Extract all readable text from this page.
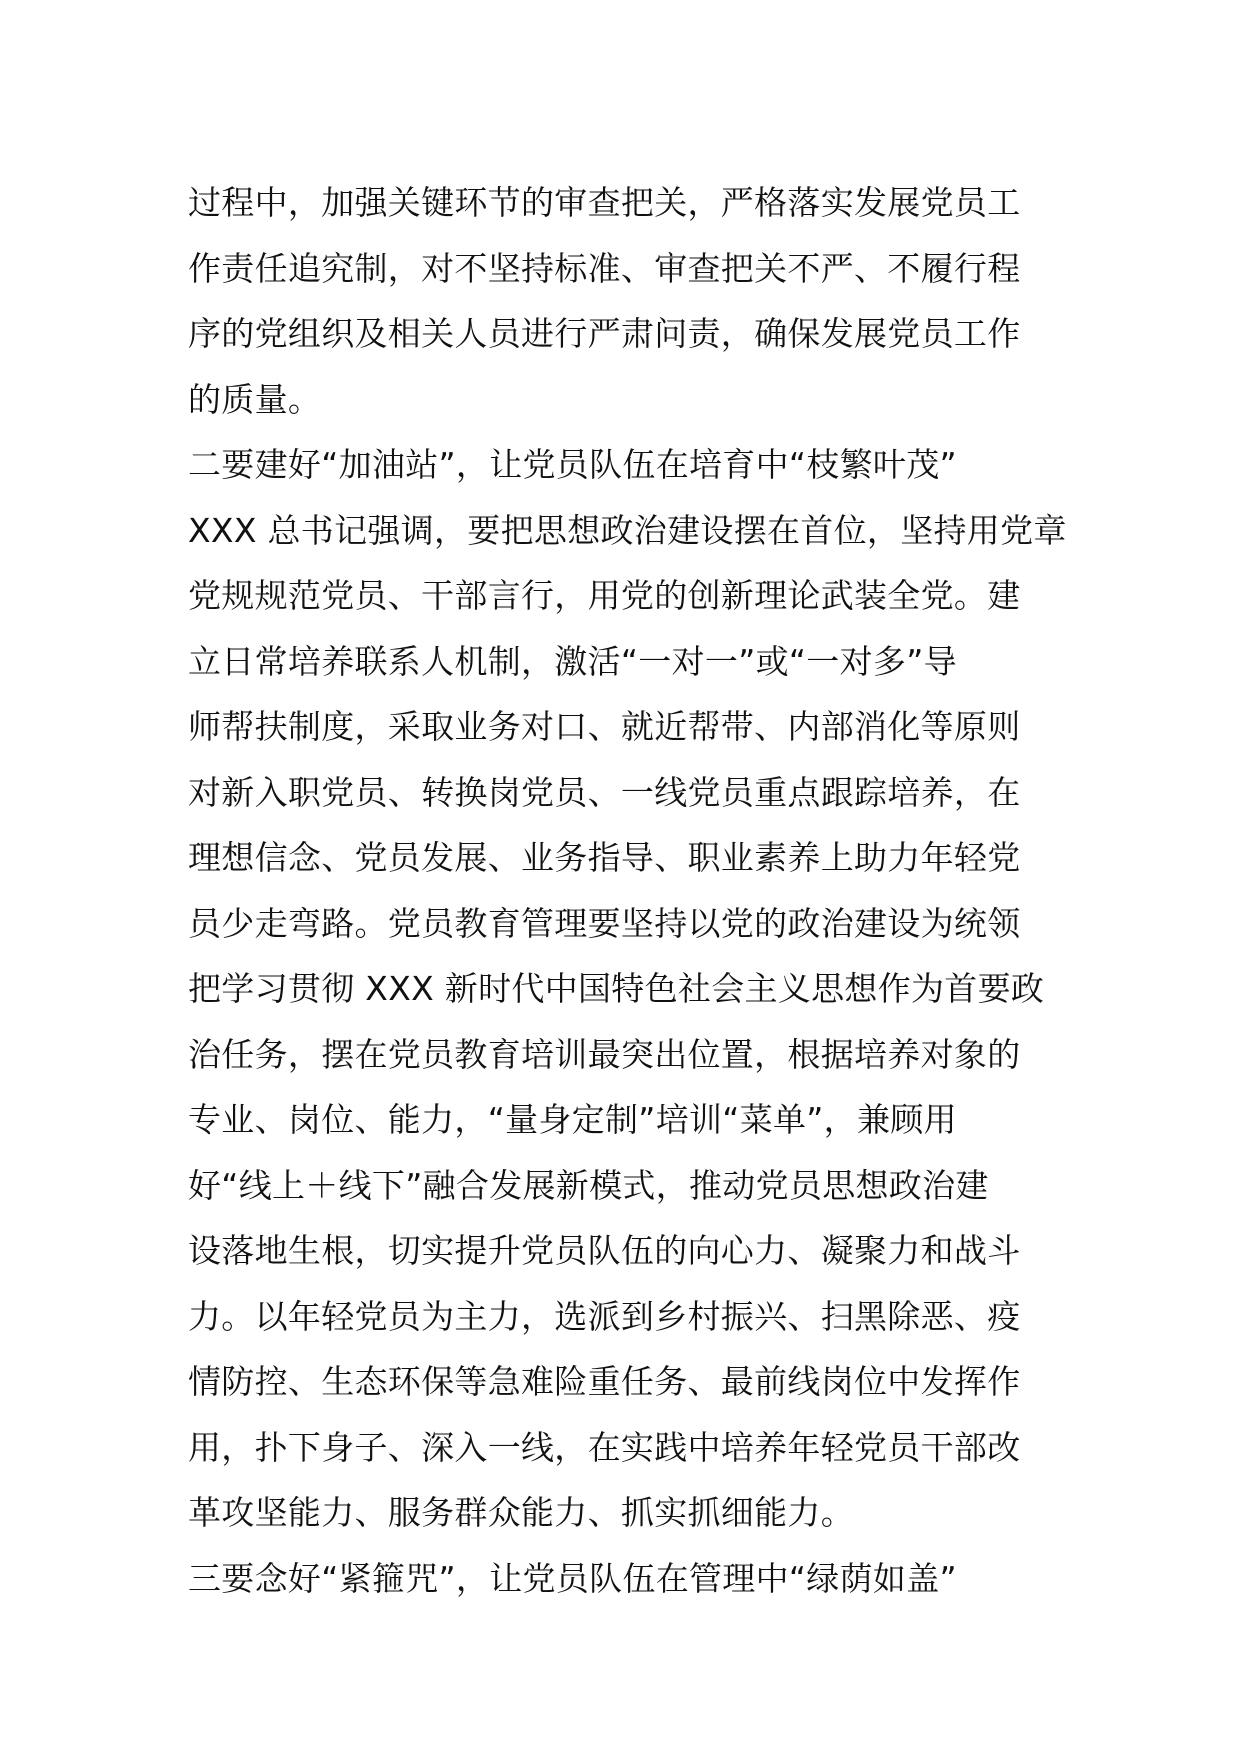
过程中，加强关键环节的审查把关，严格落实发展党员工
作责任追究制，对不坚持标准、审查把关不严、不履行程
序的党组织及相关人员进行严肃问责，确保发展党员工作
的质量。
二要建好“加油站”，让党员队伍在培育中“枝繁叶茂”
XXX 总书记强调，要把思想政治建设摆在首位，坚持用党章
党规规范党员、干部言行，用党的创新理论武装全党。建
立日常培养联系人机制，激活“一对一”或“一对多”导
师帮扶制度，采取业务对口、就近帮带、内部消化等原则
对新入职党员、转换岗党员、一线党员重点跟踪培养，在
理想信念、党员发展、业务指导、职业素养上助力年轻党
员少走弯路。党员教育管理要坚持以党的政治建设为统领
把学习贯彻 XXX 新时代中国特色社会主义思想作为首要政
治任务，摆在党员教育培训最突出位置，根据培养对象的
专业、岗位、能力，“量身定制”培训“菜单”，兼顾用
好“线上＋线下”融合发展新模式，推动党员思想政治建
设落地生根，切实提升党员队伍的向心力、凝聚力和战斗
力。以年轻党员为主力，选派到乡村振兴、扫黑除恶、疫
情防控、生态环保等急难险重任务、最前线岗位中发挥作
用，扑下身子、深入一线，在实践中培养年轻党员干部改
革攻坚能力、服务群众能力、抓实抓细能力。
三要念好“紧箍咒”，让党员队伍在管理中“绿荫如盖”
